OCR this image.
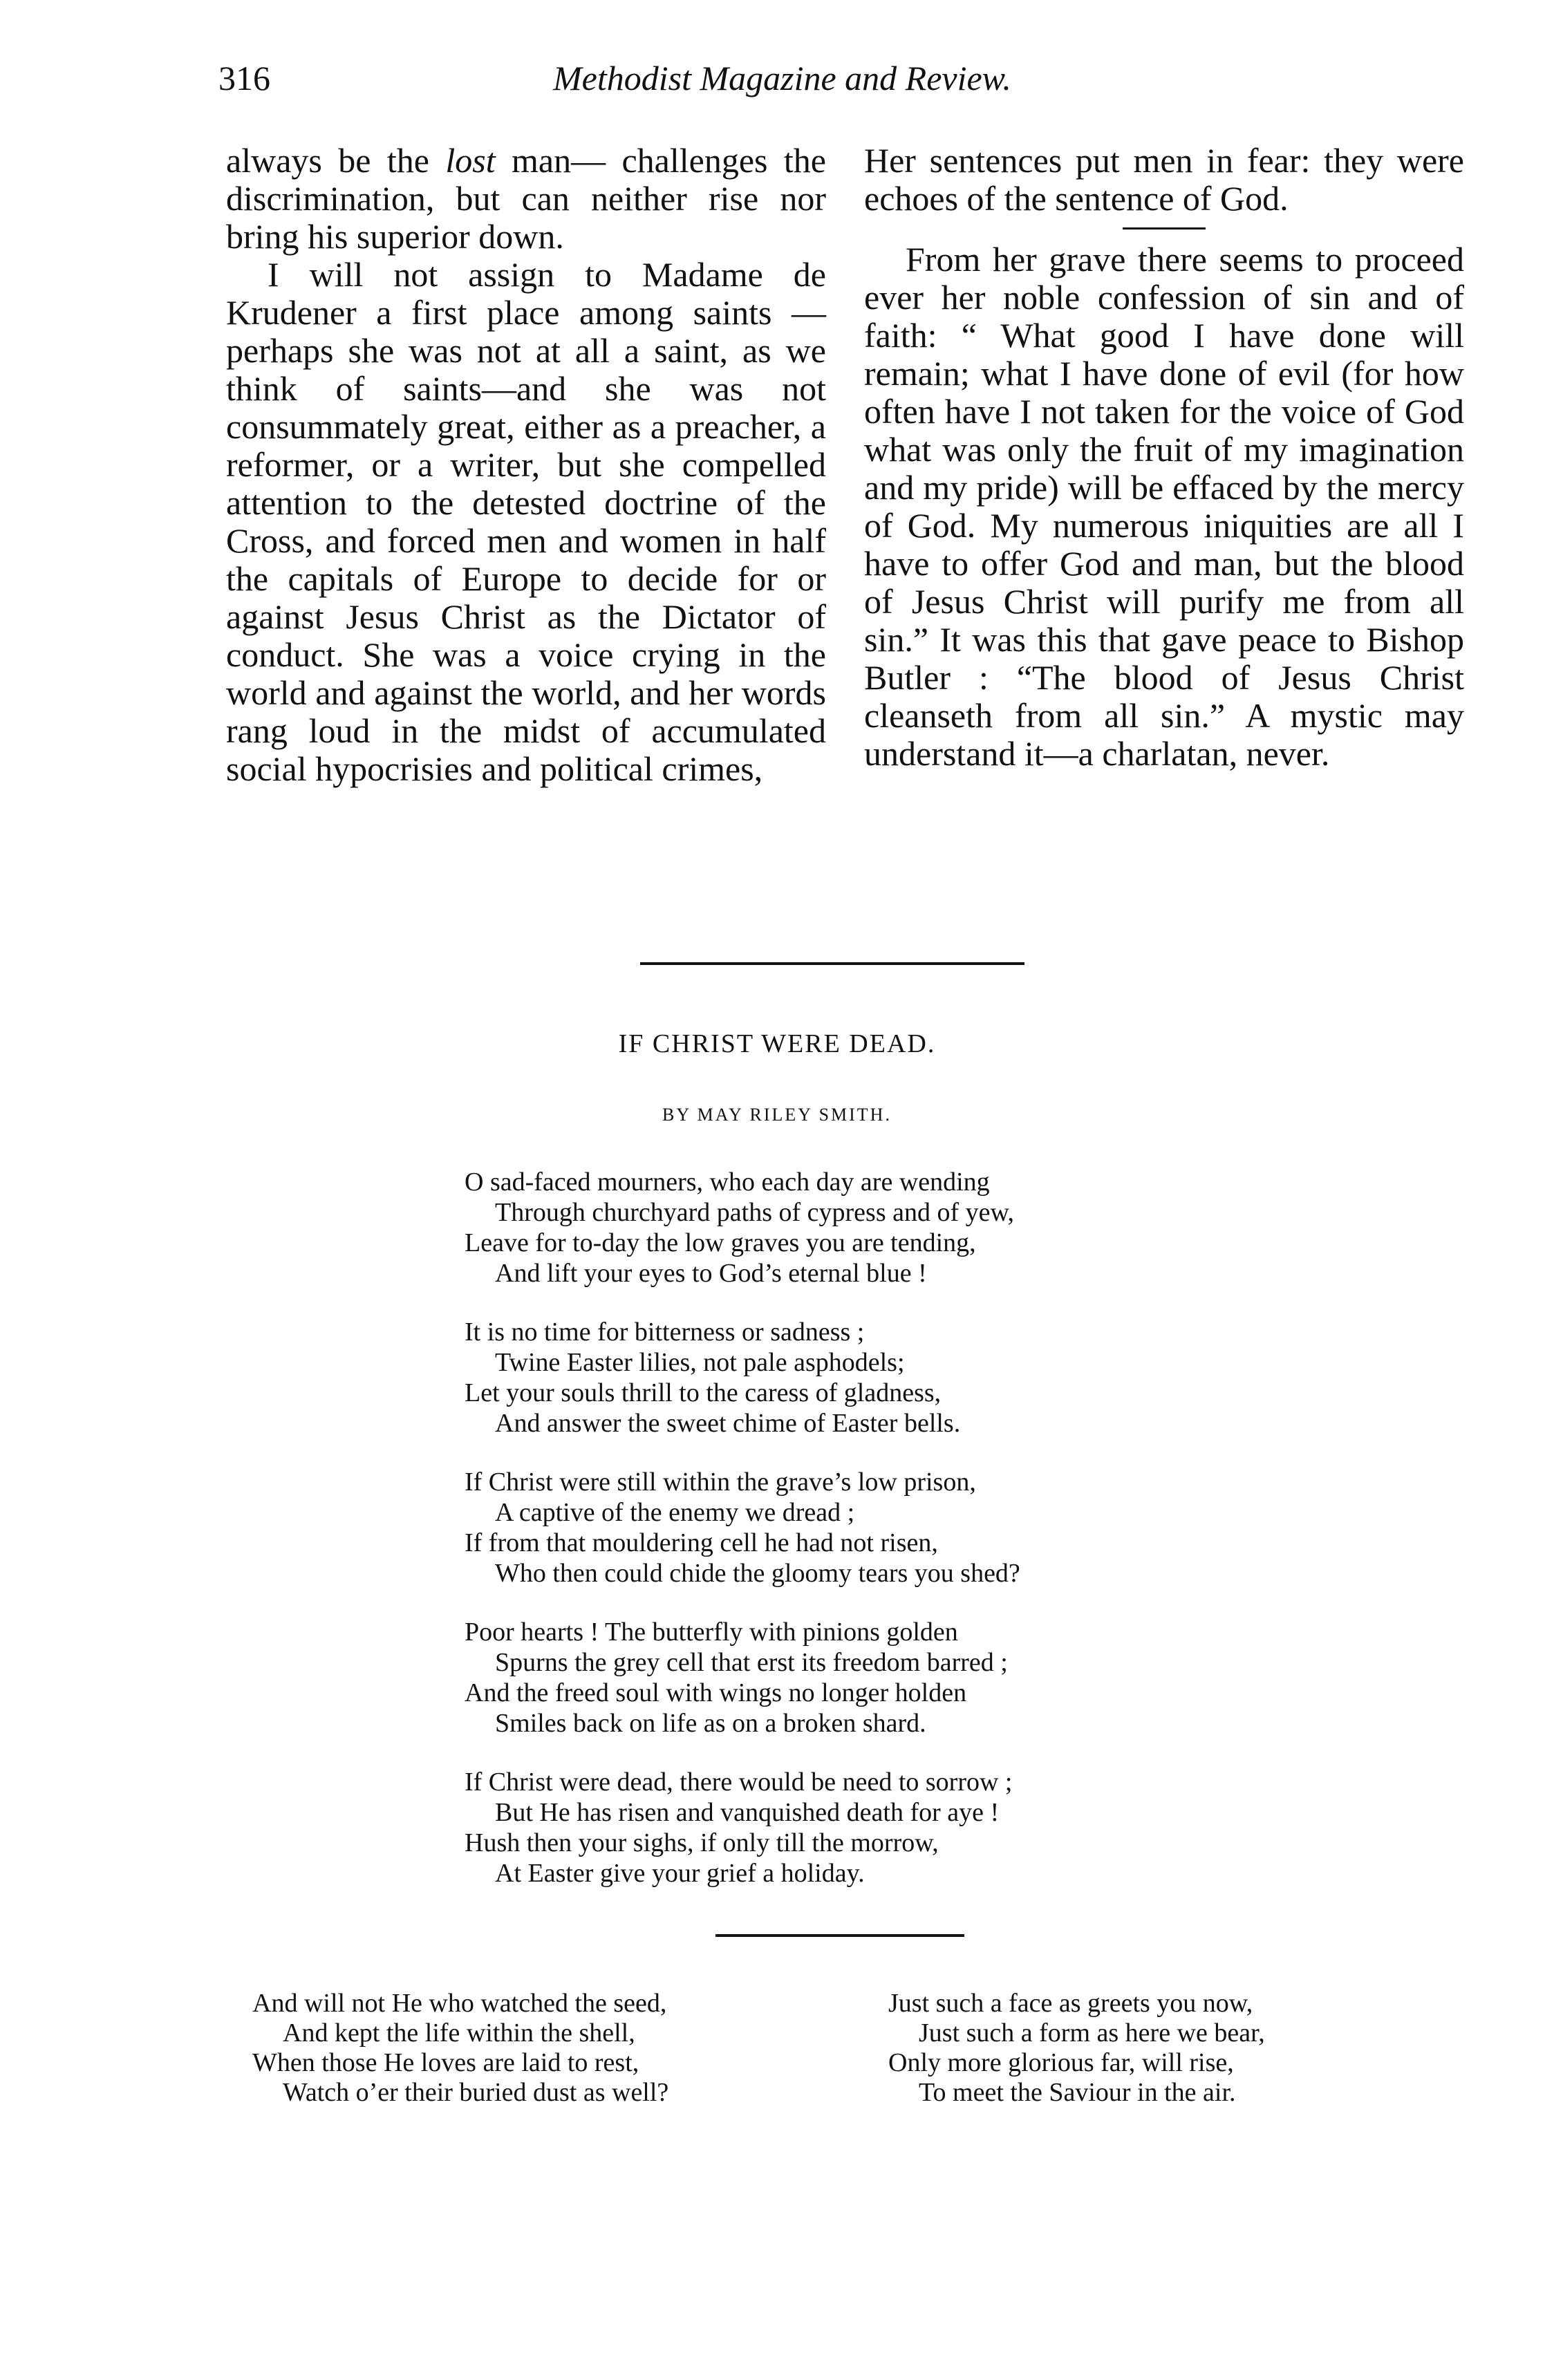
316	Methodist Magazine and Review.

always be the lost man— challenges the discrimination, but can neither rise nor bring his superior down.

I will not assign to Madame de Krudener a first place among saints —perhaps she was not at all a saint, as we think of saints—and she was not consummately great, either as a preacher, a reformer, or a writer, but she compelled attention to the detested doctrine of the Cross, and forced men and women in half the capitals of Europe to decide for or against Jesus Christ as the Dictator of conduct. She was a voice crying in the world and against the world, and her words rang loud in the midst of accumulated social hypocrisies and political crimes,

Her sentences put men in fear: they were echoes of the sentence of God.

From her grave there seems to proceed ever her noble confession of sin and of faith: “ What good I have done will remain; what I have done of evil (for how often have I not taken for the voice of God what was only the fruit of my imagination and my pride) will be effaced by the mercy of God. My numerous iniquities are all I have to offer God and man, but the blood of Jesus Christ will purify me from all sin.” It was this that gave peace to Bishop Butler : “The blood of Jesus Christ cleanseth from all sin.” A mystic may understand it—a charlatan, never.

IF CHRIST WERE DEAD.
BY MAY RILEY SMITH.
O sad-faced mourners, who each day are wending
Through churchyard paths of cypress and of yew,
Leave for to-day the low graves you are tending,
And lift your eyes to God’s eternal blue !
It is no time for bitterness or sadness ;
Twine Easter lilies, not pale asphodels;
Let your souls thrill to the caress of gladness,
And answer the sweet chime of Easter bells.
If Christ were still within the grave’s low prison,
A captive of the enemy we dread ;
If from that mouldering cell he had not risen,
Who then could chide the gloomy tears you shed?
Poor hearts ! The butterfly with pinions golden
Spurns the grey cell that erst its freedom barred ;
And the freed soul with wings no longer holden
Smiles back on life as on a broken shard.
If Christ were dead, there would be need to sorrow ;
But He has risen and vanquished death for aye !
Hush then your sighs, if only till the morrow,
At Easter give your grief a holiday.
And will not He who watched the seed,
And kept the life within the shell,
When those He loves are laid to rest,
Watch o’er their buried dust as well?
Just such a face as greets you now,
Just such a form as here we bear,
Only more glorious far, will rise,
To meet the Saviour in the air.
